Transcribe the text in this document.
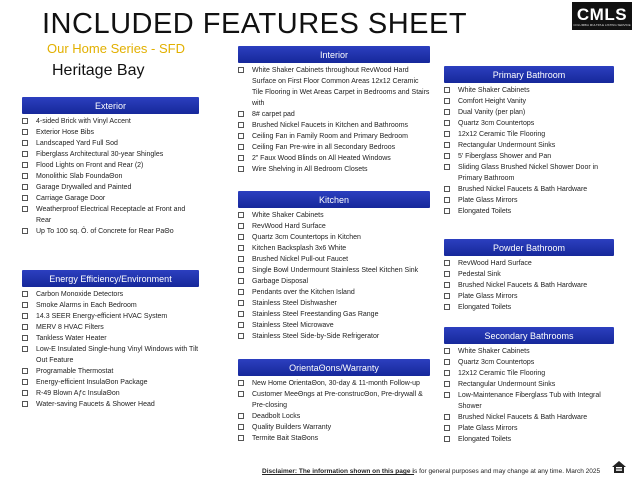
INCLUDED FEATURES SHEET
Our Home Series - SFD
Heritage Bay
CMLS
COLUMBIA MULTIPLE LISTING SERVICE
Exterior
4-sided Brick with Vinyl Accent
Exterior Hose Bibs
Landscaped Yard Full Sod
Fiberglass Architectural 30-year Shingles
Flood Lights on Front and Rear (2)
Monolithic Slab FoundaΘon
Garage Drywalled and Painted
Carriage Garage Door
Weatherproof Electrical Receptacle at Front and Rear
Up To 100 sq. Ô. of Concrete for Rear PaΘo
Energy Efficiency/Environment
Carbon Monoxide Detectors
Smoke Alarms in Each Bedroom
14.3 SEER Energy-efficient HVAC System
MERV 8 HVAC Filters
Tankless Water Heater
Low-E Insulated Single-hung Vinyl Windows with Tilt Out Feature
Programable Thermostat
Energy-efficient InsulaΘon Package
R-49 Blown Aƒc InsulaΘon
Water-saving Faucets & Shower Head
Interior
White Shaker Cabinets throughout RevWood Hard Surface on First Floor Common Areas 12x12 Ceramic Tile Flooring in Wet Areas Carpet in Bedrooms and Stairs with
8# carpet pad
Brushed Nickel Faucets in Kitchen and Bathrooms
Ceiling Fan in Family Room and Primary Bedroom
Ceiling Fan Pre-wire in all Secondary Bedroos
2” Faux Wood Blinds on All Heated Windows
Wire Shelving in All Bedroom Closets
Kitchen
White Shaker Cabinets
RevWood Hard Surface
Quartz 3cm Countertops in Kitchen
Kitchen Backsplash 3x6 White
Brushed Nickel Pull-out Faucet
Single Bowl Undermount Stainless Steel Kitchen Sink
Garbage Disposal
Pendants over the Kitchen Island
Stainless Steel Dishwasher
Stainless Steel Freestanding Gas Range
Stainless Steel Microwave
Stainless Steel Side-by-Side Refrigerator
OrientaΘons/Warranty
New Home OrientaΘon, 30-day & 11-month Follow-up
Customer MeeΘngs at Pre-construcΘon, Pre-drywall & Pre-closing
Deadbolt Locks
Quality Builders Warranty
Termite Bait StaΘons
Primary Bathroom
White Shaker Cabinets
Comfort Height Vanity
Dual Vanity (per plan)
Quartz 3cm Countertops
12x12 Ceramic Tile Flooring
Rectangular Undermount Sinks
5’ Fiberglass Shower and Pan
Sliding Glass Brushed Nickel Shower Door in Primary Bathroom
Brushed Nickel Faucets & Bath Hardware
Plate Glass Mirrors
Elongated Toilets
Powder Bathroom
RevWood Hard Surface
Pedestal Sink
Brushed Nickel Faucets & Bath Hardware
Plate Glass Mirrors
Elongated Toilets
Secondary Bathrooms
White Shaker Cabinets
Quartz 3cm Countertops
12x12 Ceramic Tile Flooring
Rectangular Undermount Sinks
Low-Maintenance Fiberglass Tub with Integral Shower
Brushed Nickel Faucets & Bath Hardware
Plate Glass Mirrors
Elongated Toilets
Disclaimer: The information shown on this page is for general purposes and may change at any time. March 2025
